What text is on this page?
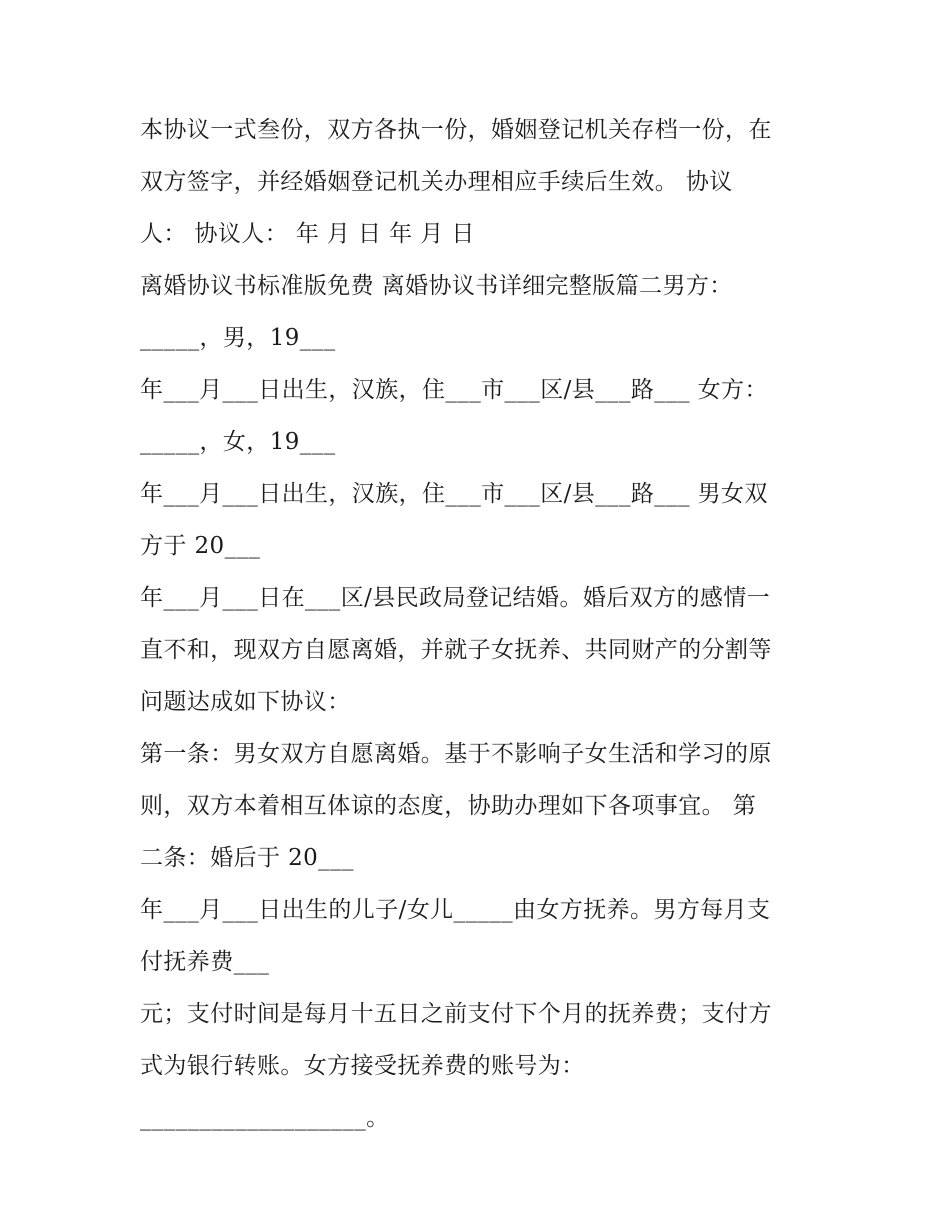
本协议一式叁份，双方各执一份，婚姻登记机关存档一份，在
双方签字，并经婚姻登记机关办理相应手续后生效。 协议
人： 协议人： 年 月 日 年 月 日
离婚协议书标准版免费 离婚协议书详细完整版篇二男方：
_____，男，19___
年___月___日出生，汉族，住___市___区/县___路___ 女方：
_____，女，19___
年___月___日出生，汉族，住___市___区/县___路___ 男女双
方于 20___
年___月___日在___区/县民政局登记结婚。婚后双方的感情一
直不和，现双方自愿离婚，并就子女抚养、共同财产的分割等
问题达成如下协议：
第一条：男女双方自愿离婚。基于不影响子女生活和学习的原
则，双方本着相互体谅的态度，协助办理如下各项事宜。 第
二条：婚后于 20___
年___月___日出生的儿子/女儿_____由女方抚养。男方每月支
付抚养费___
元；支付时间是每月十五日之前支付下个月的抚养费；支付方
式为银行转账。女方接受抚养费的账号为：
___________________。
